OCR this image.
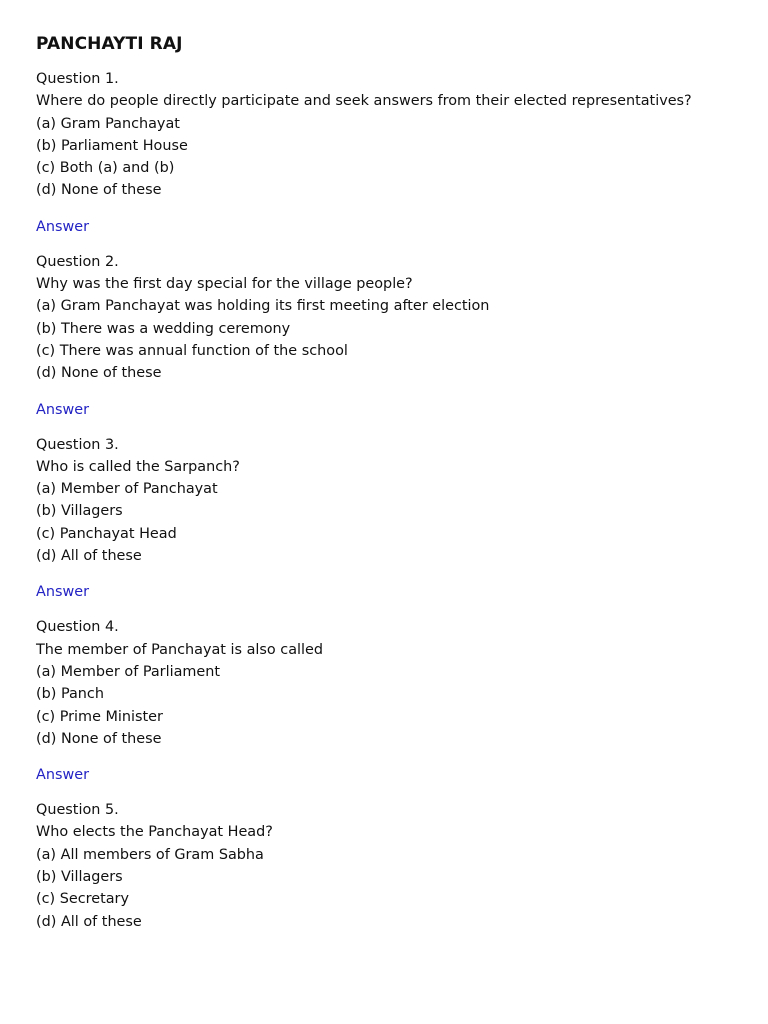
PANCHAYTI RAJ

Question 1.

Where do people directly participate and seek answers from their elected representatives?

(a) Gram Panchayat

(b) Parliament House

(c) Both (a) and (b)

(d) None of these

Answer

Question 2.

Why was the first day special for the village people?

(a) Gram Panchayat was holding its first meeting after election

(b) There was a wedding ceremony

(c) There was annual function of the school

(d) None of these

Answer

Question 3.

Who is called the Sarpanch?

(a) Member of Panchayat

(b) Villagers

(c) Panchayat Head

(d) All of these

Answer

Question 4.

The member of Panchayat is also called

(a) Member of Parliament

(b) Panch

(c) Prime Minister

(d) None of these

Answer

Question 5.

Who elects the Panchayat Head?

(a) All members of Gram Sabha

(b) Villagers

(c) Secretary

(d) All of these
